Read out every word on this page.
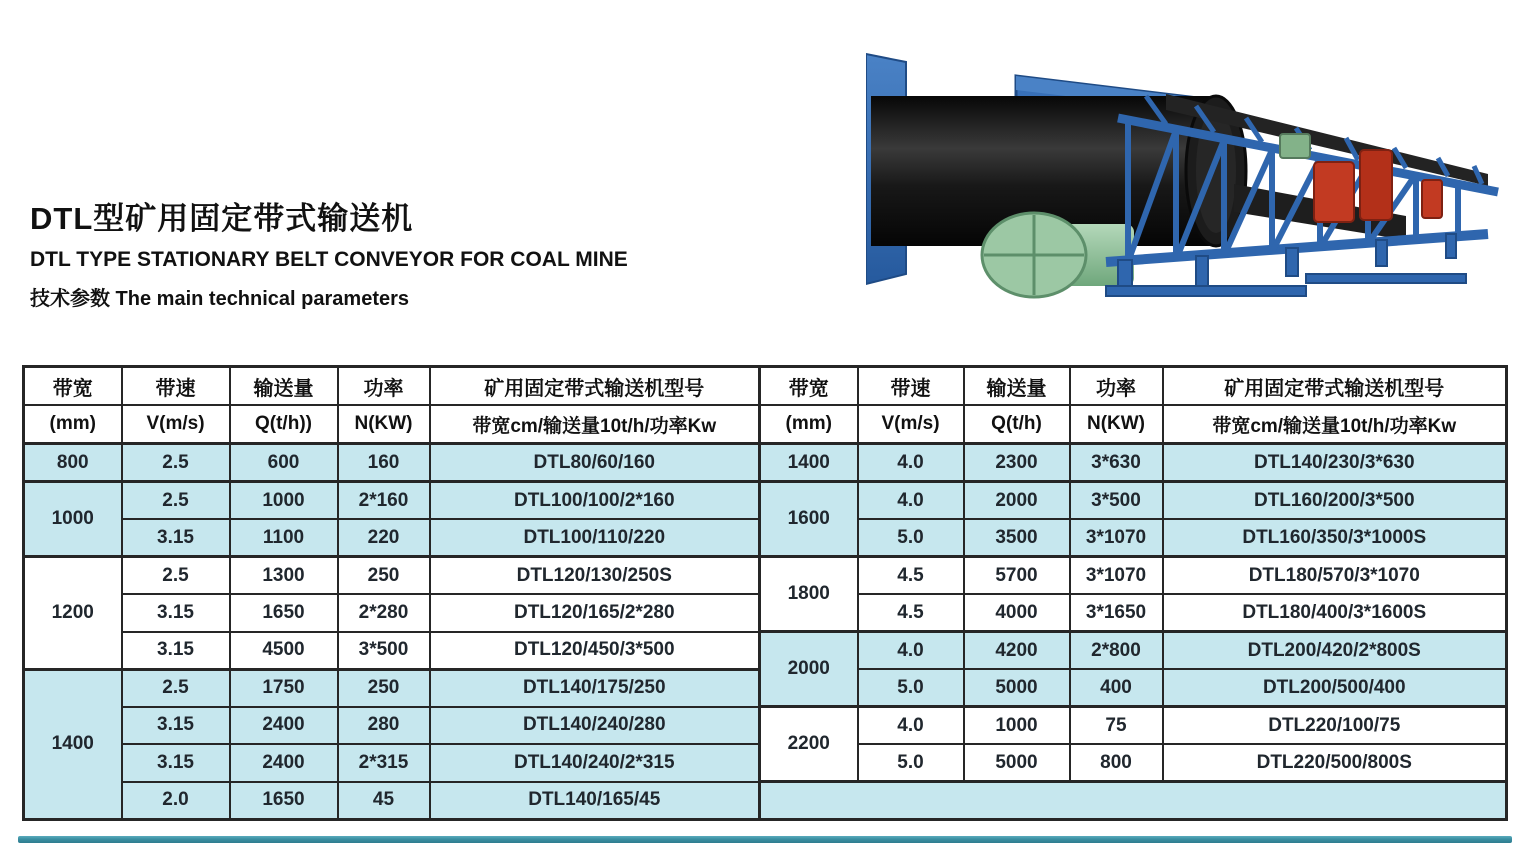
DTL型矿用固定带式输送机
DTL TYPE STATIONARY BELT CONVEYOR FOR COAL MINE
技术参数 The main technical parameters
带宽	带速	输送量	功率	矿用固定带式输送机型号	带宽	带速	输送量	功率	矿用固定带式输送机型号
(mm)	V(m/s)	Q(t/h))	N(KW)	带宽cm/输送量10t/h/功率Kw	(mm)	V(m/s)	Q(t/h)	N(KW)	带宽cm/输送量10t/h/功率Kw
800	2.5	600	160	DTL80/60/160	1400	4.0	2300	3*630	DTL140/230/3*630
1000	2.5	1000	2*160	DTL100/100/2*160	1600	4.0	2000	3*500	DTL160/200/3*500
	3.15	1100	220	DTL100/110/220		5.0	3500	3*1070	DTL160/350/3*1000S
1200	2.5	1300	250	DTL120/130/250S	1800	4.5	5700	3*1070	DTL180/570/3*1070
	3.15	1650	2*280	DTL120/165/2*280		4.5	4000	3*1650	DTL180/400/3*1600S
	3.15	4500	3*500	DTL120/450/3*500	2000	4.0	4200	2*800	DTL200/420/2*800S
1400	2.5	1750	250	DTL140/175/250		5.0	5000	400	DTL200/500/400
	3.15	2400	280	DTL140/240/280	2200	4.0	1000	75	DTL220/100/75
	3.15	2400	2*315	DTL140/240/2*315		5.0	5000	800	DTL220/500/800S
	2.0	1650	45	DTL140/165/45					
